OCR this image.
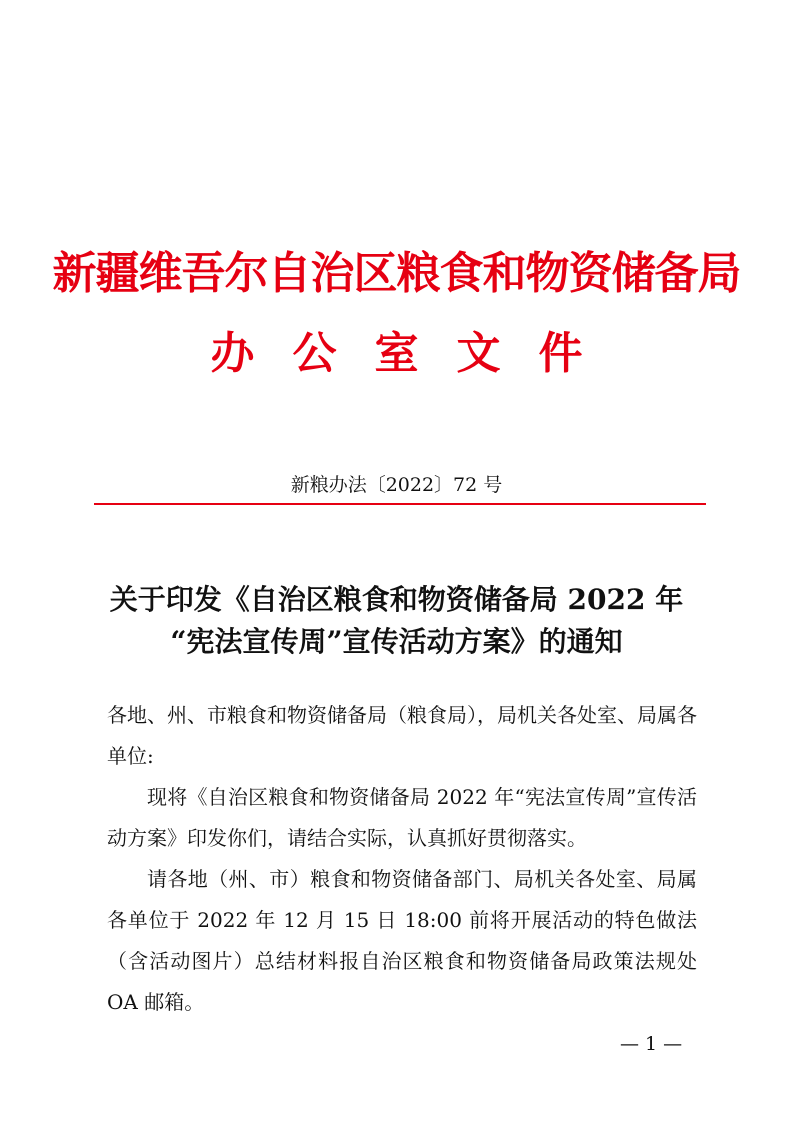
新疆维吾尔自治区粮食和物资储备局
办公室文件
新粮办法〔2022〕72 号
关于印发《自治区粮食和物资储备局 2022 年
“宪法宣传周”宣传活动方案》的通知

各地、州、市粮食和物资储备局（粮食局），局机关各处室、局属各单位:

现将《自治区粮食和物资储备局 2022 年“宪法宣传周”宣传活动方案》印发你们，请结合实际，认真抓好贯彻落实。

请各地（州、市）粮食和物资储备部门、局机关各处室、局属各单位于 2022 年 12 月 15 日 18:00 前将开展活动的特色做法（含活动图片）总结材料报自治区粮食和物资储备局政策法规处 OA 邮箱。

— 1 —
